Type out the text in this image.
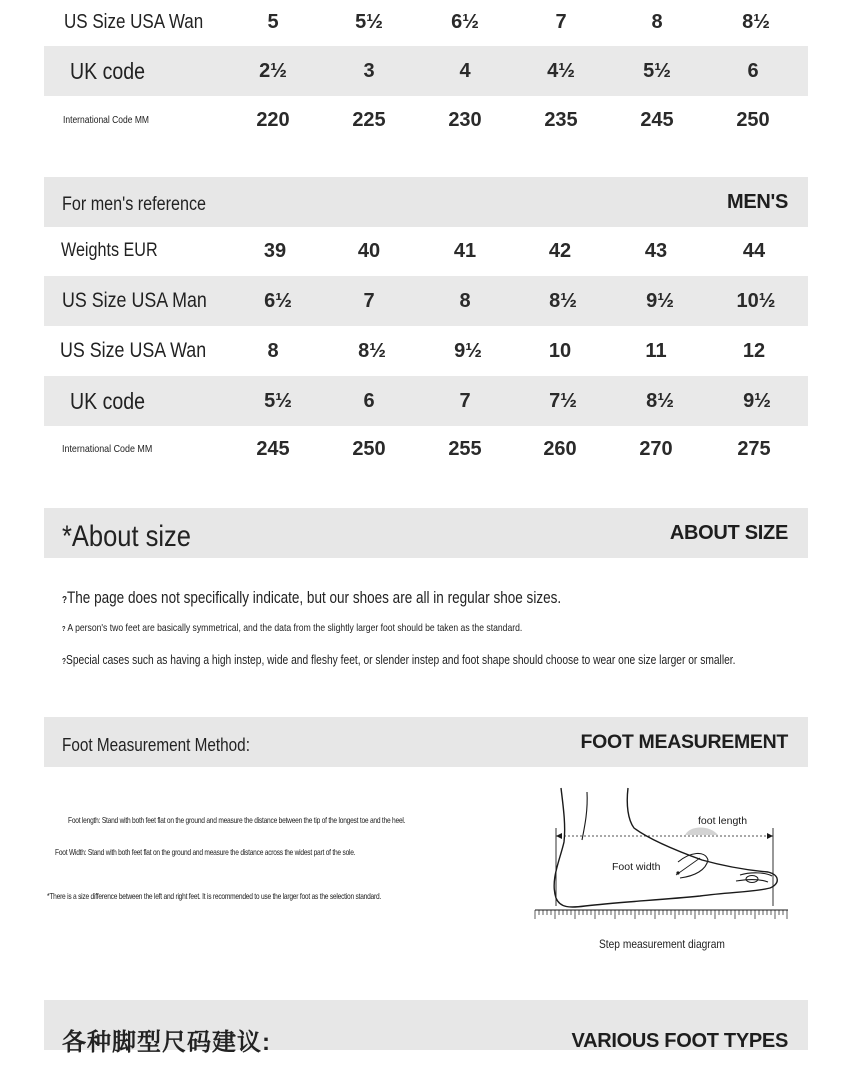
US Size USA Wan	5	5½	6½	7	8	8½
UK code	2½	3	4	4½	5½	6
International Code MM	220	225	230	235	245	250
For men's reference	MEN'S
Weights EUR	39	40	41	42	43	44
US Size USA Man	6½	7	8	8½	9½	10½
US Size USA Wan	8	8½	9½	10	11	12
UK code	5½	6	7	7½	8½	9½
International Code MM	245	250	255	260	270	275
*About size	ABOUT SIZE
?The page does not specifically indicate, but our shoes are all in regular shoe sizes.
? A person's two feet are basically symmetrical, and the data from the slightly larger foot should be taken as the standard.
?Special cases such as having a high instep, wide and fleshy feet, or slender instep and foot shape should choose to wear one size larger or smaller.
Foot Measurement Method:	FOOT MEASUREMENT
Foot length: Stand with both feet flat on the ground and measure the distance between the tip of the longest toe and the heel.
Foot Width: Stand with both feet flat on the ground and measure the distance across the widest part of the sole.
*There is a size difference between the left and right feet. It is recommended to use the larger foot as the selection standard.
foot length
Foot width
Step measurement diagram
各种脚型尺码建议:	VARIOUS FOOT TYPES
